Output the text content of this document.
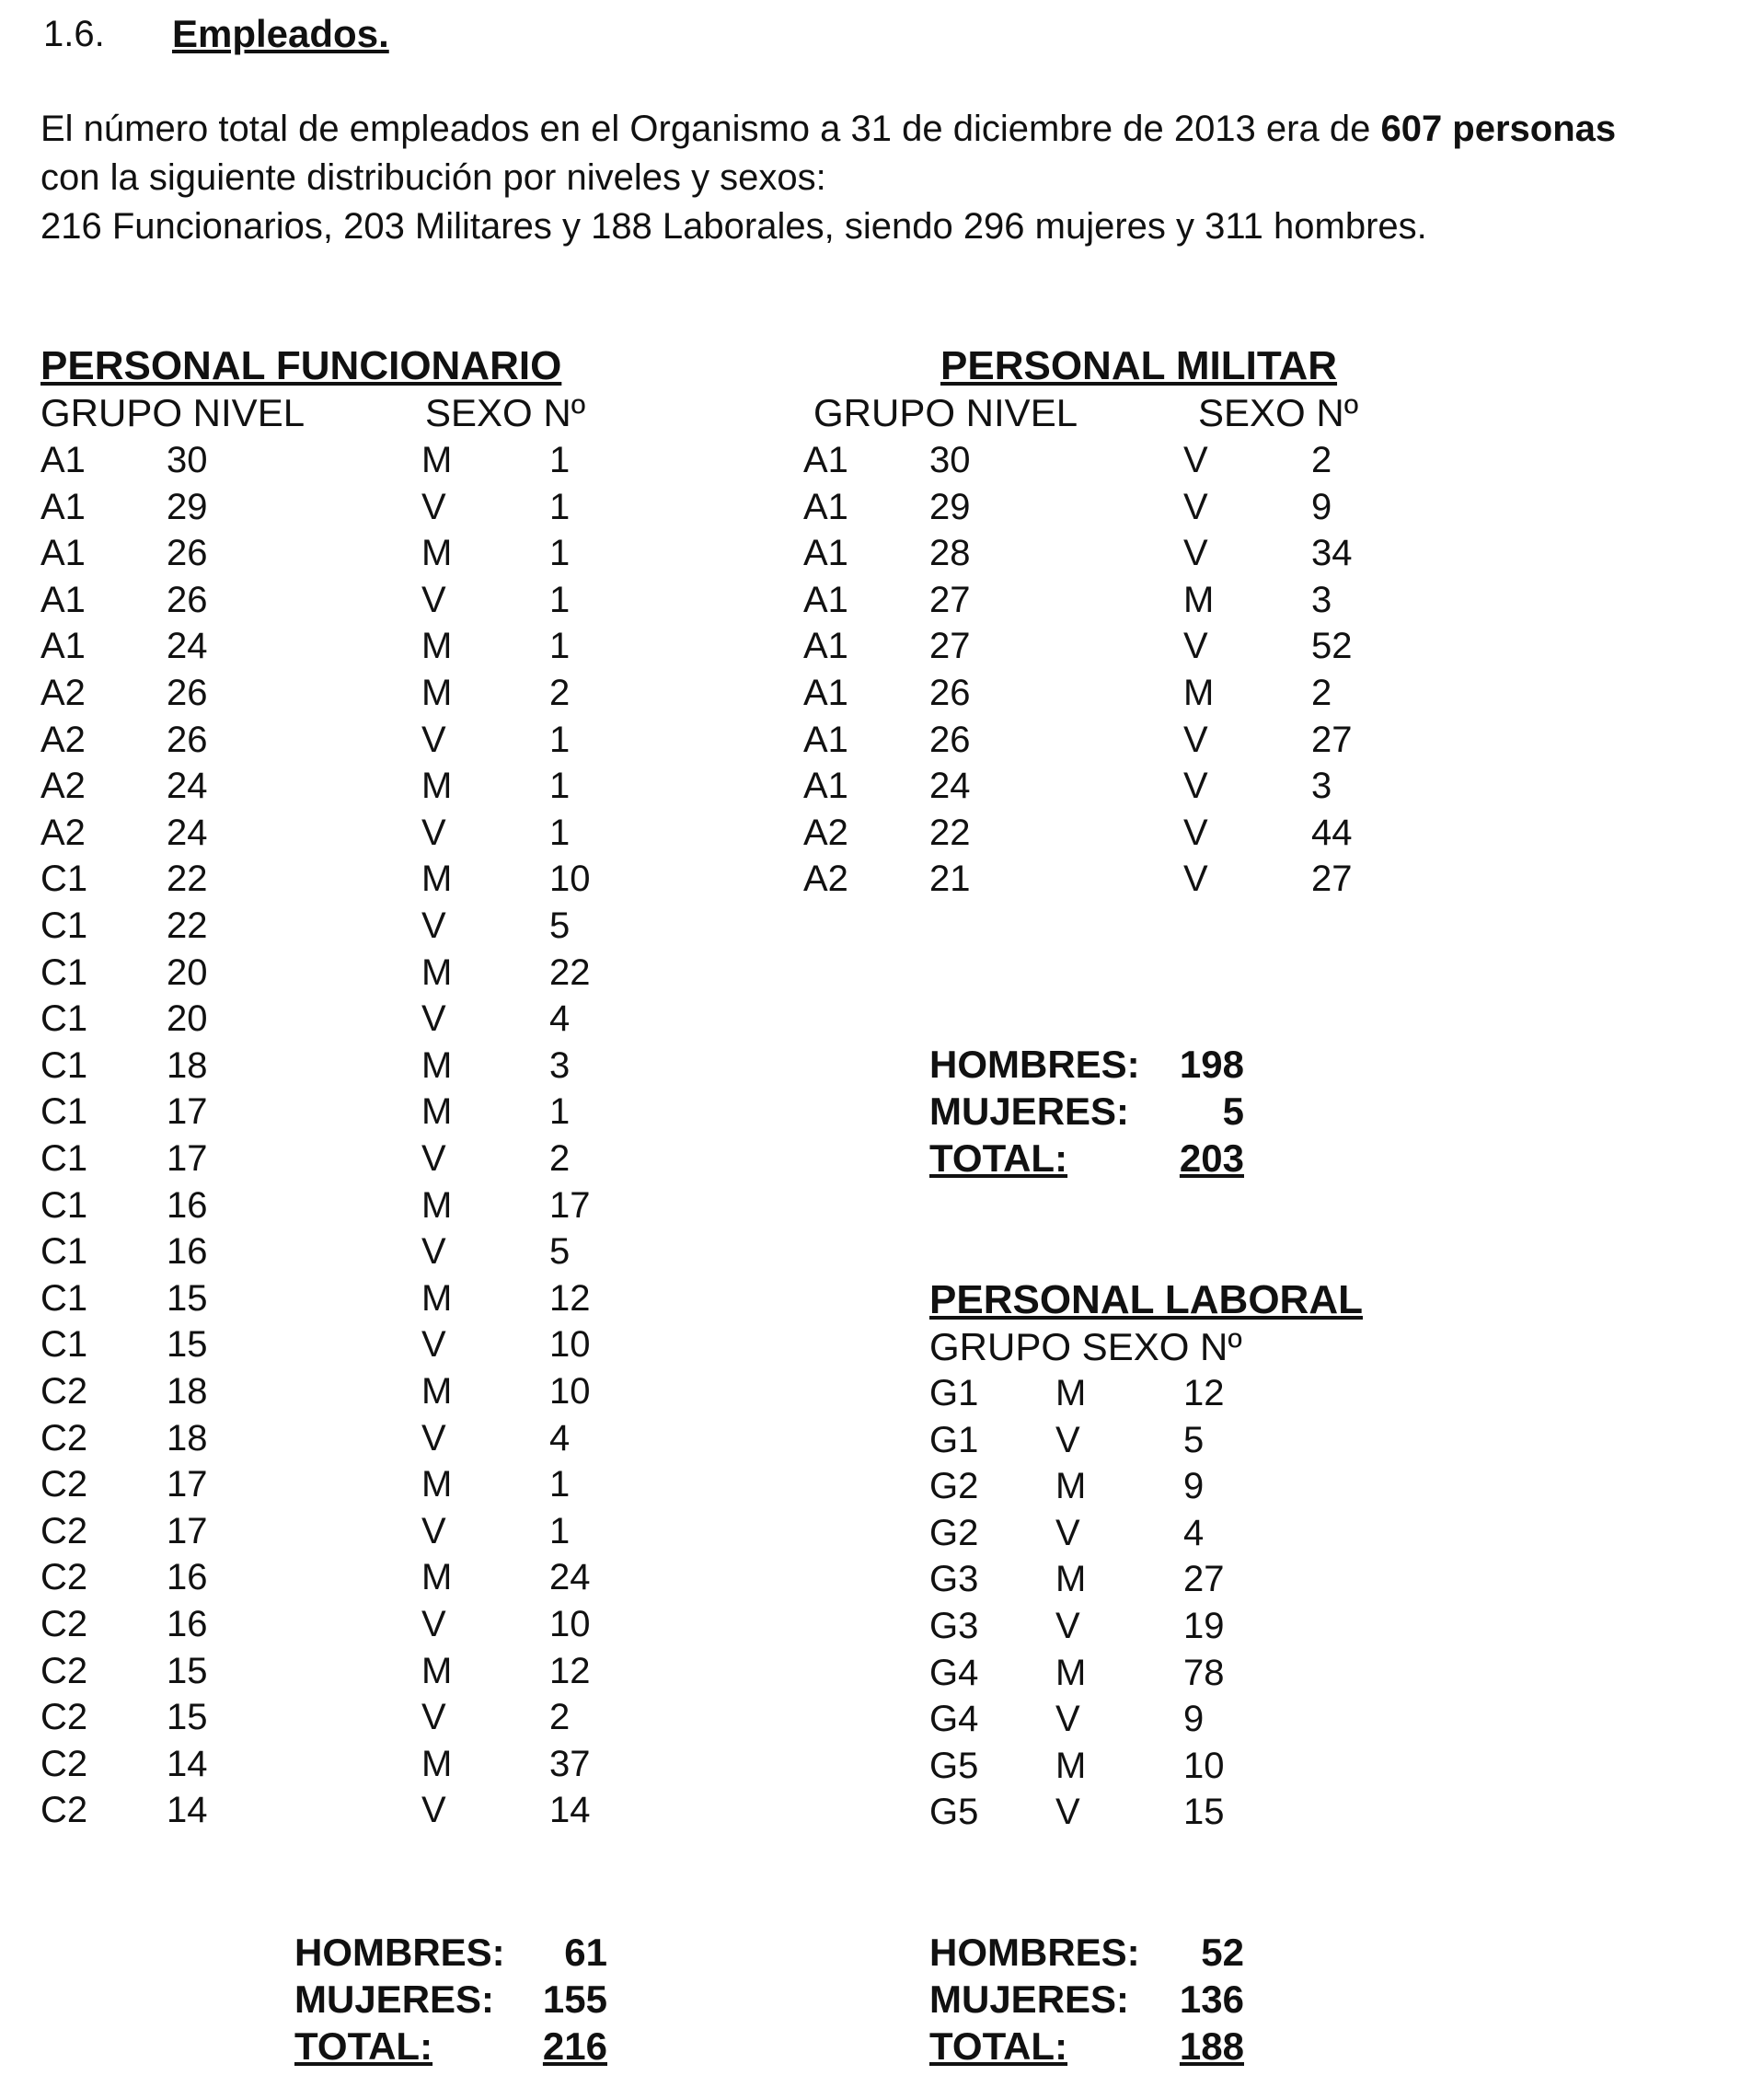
1.6. Empleados.
El número total de empleados en el Organismo a 31 de diciembre de 2013 era de 607 personas
con la siguiente distribución por niveles y sexos:
216 Funcionarios, 203 Militares y 188 Laborales, siendo 296 mujeres y 311 hombres.
PERSONAL FUNCIONARIO
GRUPO NIVEL	SEXO Nº
A1 30	M	1
A1 29	V	1
A1 26	M	1
A1 26	V	1
A1 24	M	1
A2 26	M	2
A2 26	V	1
A2 24	M	1
A2 24	V	1
C1 22	M	10
C1 22	V	5
C1 20	M	22
C1 20	V	4
C1 18	M	3
C1 17	M	1
C1 17	V	2
C1 16	M	17
C1 16	V	5
C1 15	M	12
C1 15	V	10
C2 18	M	10
C2 18	V	4
C2 17	M	1
C2 17	V	1
C2 16	M	24
C2 16	V	10
C2 15	M	12
C2 15	V	2
C2 14	M	37
C2 14	V	14
HOMBRES: 61
MUJERES: 155
TOTAL:	216
PERSONAL MILITAR
GRUPO NIVEL	SEXO Nº
A1 30	V	2
A1 29	V	9
A1 28	V	34
A1 27	M	3
A1 27	V	52
A1 26	M	2
A1 26	V	27
A1 24	V	3
A2 22	V	44
A2 21	V	27
HOMBRES: 198
MUJERES: 5
TOTAL:	203
PERSONAL LABORAL
GRUPO SEXO Nº
G1 M	12
G1 V	5
G2 M	9
G2 V	4
G3 M	27
G3 V	19
G4 M	78
G4 V	9
G5 M	10
G5 V	15
HOMBRES: 52
MUJERES: 136
TOTAL:	188
